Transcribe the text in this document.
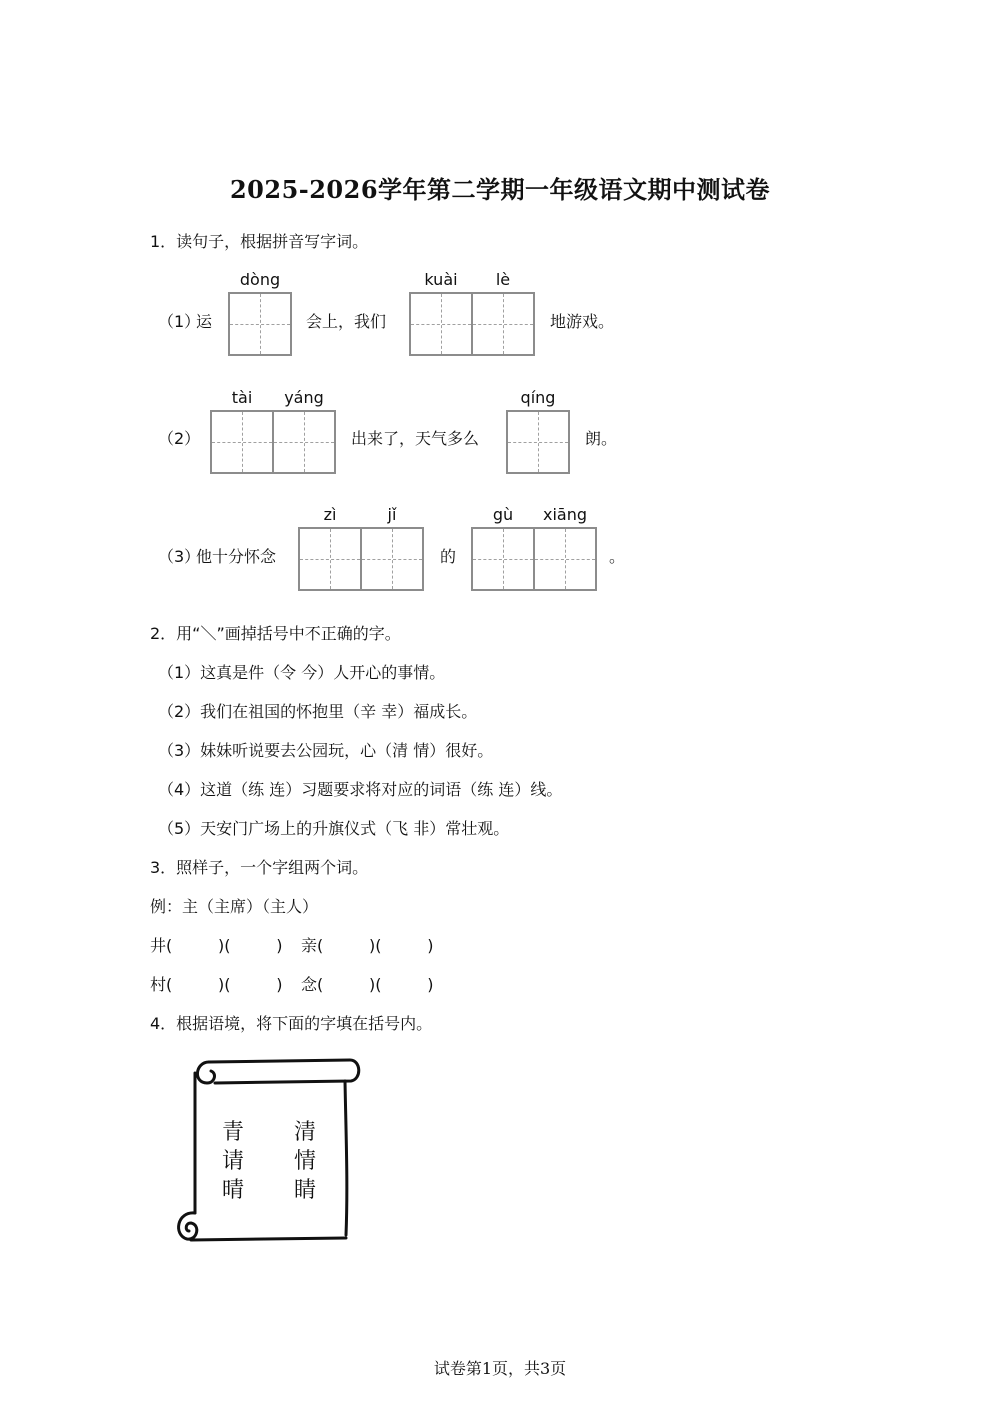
2025-2026学年第二学期一年级语文期中测试卷
1．读句子，根据拼音写字词。
（1）
运
dòng
会上，我们
kuài	lè
地游戏。
（2）
tài	yáng
出来了，天气多么
qíng
朗。
（3）
他十分怀念
zì	jǐ
的
gù	xiāng
。
2．用“＼”画掉括号中不正确的字。
（1）这真是件（令 今）人开心的事情。
（2）我们在祖国的怀抱里（辛 幸）福成长。
（3）妹妹听说要去公园玩，心（清 情）很好。
（4）这道（练 连）习题要求将对应的词语（练 连）线。
（5）天安门广场上的升旗仪式（飞 非）常壮观。
3．照样子，一个字组两个词。
例：主（主席）（主人）
井(         )(         ) 亲(         )(         )
村(         )(         ) 念(         )(         )
4．根据语境，将下面的字填在括号内。
青 清
请 情
晴 睛
试卷第1页，共3页
